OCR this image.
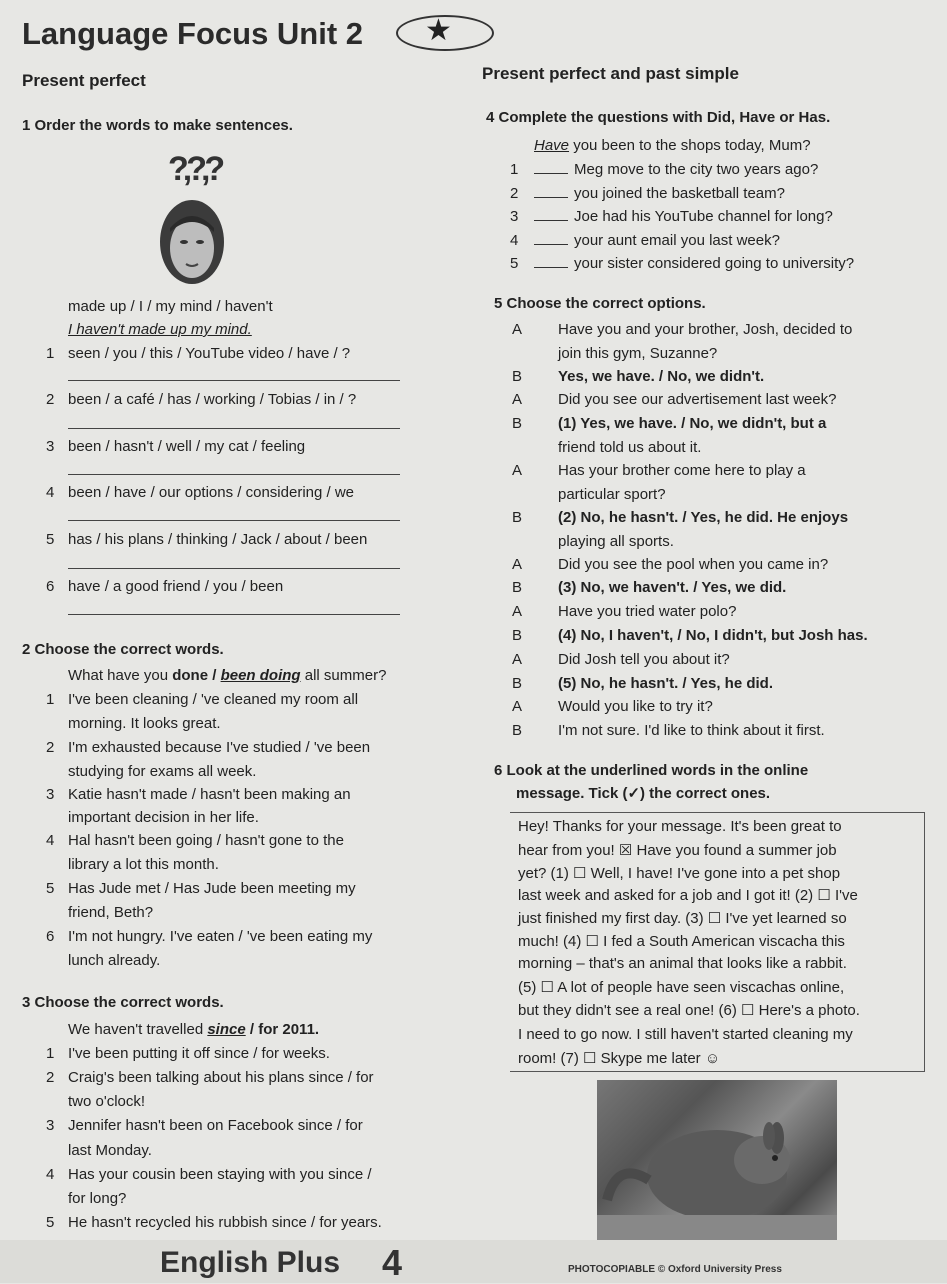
Language Focus Unit 2 ★
Present perfect	Present perfect and past simple
1 Order the words to make sentences.
?‚?‚?
made up / I / my mind / haven't
I haven't made up my mind.
1 seen / you / this / YouTube video / have / ?
2 been / a café / has / working / Tobias / in / ?
3 been / hasn't / well / my cat / feeling
4 been / have / our options / considering / we
5 has / his plans / thinking / Jack / about / been
6 have / a good friend / you / been
2 Choose the correct words.
What have you done / been doing all summer?
1 I've been cleaning / 've cleaned my room all
morning. It looks great.
2 I'm exhausted because I've studied / 've been
studying for exams all week.
3 Katie hasn't made / hasn't been making an
important decision in her life.
4 Hal hasn't been going / hasn't gone to the
library a lot this month.
5 Has Jude met / Has Jude been meeting my
friend, Beth?
6 I'm not hungry. I've eaten / 've been eating my
lunch already.
3 Choose the correct words.
We haven't travelled since / for 2011.
1 I've been putting it off since / for weeks.
2 Craig's been talking about his plans since / for
two o'clock!
3 Jennifer hasn't been on Facebook since / for
last Monday.
4 Has your cousin been staying with you since /
for long?
5 He hasn't recycled his rubbish since / for years.
4 Complete the questions with Did, Have or Has.
Have you been to the shops today, Mum?
1	Meg move to the city two years ago?
2	you joined the basketball team?
3	Joe had his YouTube channel for long?
4	your aunt email you last week?
5	your sister considered going to university?
5 Choose the correct options.
A Have you and your brother, Josh, decided to
join this gym, Suzanne?
B Yes, we have. / No, we didn't.
A Did you see our advertisement last week?
B (1) Yes, we have. / No, we didn't, but a
friend told us about it.
A Has your brother come here to play a
particular sport?
B (2) No, he hasn't. / Yes, he did. He enjoys
playing all sports.
A Did you see the pool when you came in?
B (3) No, we haven't. / Yes, we did.
A Have you tried water polo?
B (4) No, I haven't, / No, I didn't, but Josh has.
A Did Josh tell you about it?
B (5) No, he hasn't. / Yes, he did.
A Would you like to try it?
B I'm not sure. I'd like to think about it first.
6 Look at the underlined words in the online
message. Tick (✓) the correct ones.
Hey! Thanks for your message. It's been great to
hear from you! ☒ Have you found a summer job
yet? (1) ☐ Well, I have! I've gone into a pet shop
last week and asked for a job and I got it! (2) ☐ I've
just finished my first day. (3) ☐ I've yet learned so
much! (4) ☐ I fed a South American viscacha this
morning – that's an animal that looks like a rabbit.
(5) ☐ A lot of people have seen viscachas online,
but they didn't see a real one! (6) ☐ Here's a photo.
I need to go now. I still haven't started cleaning my
room! (7) ☐ Skype me later ☺
English Plus 4	PHOTOCOPIABLE © Oxford University Press
